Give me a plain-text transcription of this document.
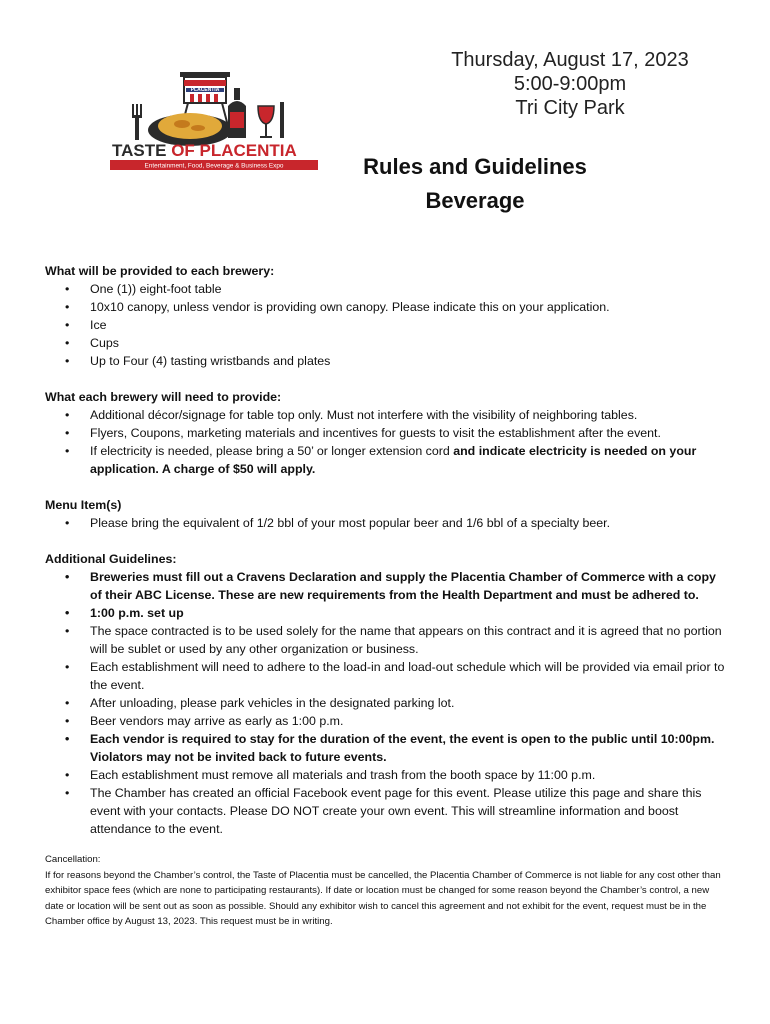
PLACENTIA
TASTE OF PLACENTIA
Entertainment, Food, Beverage & Business Expo
Thursday, August 17, 2023
5:00-9:00pm
Tri City Park
Rules and Guidelines
Beverage

What will be provided to each brewery:

• One (1)) eight-foot table
• 10x10 canopy, unless vendor is providing own canopy. Please indicate this on your application.
• Ice
• Cups
• Up to Four (4) tasting wristbands and plates

What each brewery will need to provide:

• Additional décor/signage for table top only. Must not interfere with the visibility of neighboring tables.
• Flyers, Coupons, marketing materials and incentives for guests to visit the establishment after the event.
• If electricity is needed, please bring a 50’ or longer extension cord and indicate electricity is needed on your application. A charge of $50 will apply.

Menu Item(s)

• Please bring the equivalent of 1/2 bbl of your most popular beer and 1/6 bbl of a specialty beer.

Additional Guidelines:

• Breweries must fill out a Cravens Declaration and supply the Placentia Chamber of Commerce with a copy of their ABC License. These are new requirements from the Health Department and must be adhered to.
• 1:00 p.m. set up
• The space contracted is to be used solely for the name that appears on this contract and it is agreed that no portion will be sublet or used by any other organization or business.
• Each establishment will need to adhere to the load-in and load-out schedule which will be provided via email prior to the event.
• After unloading, please park vehicles in the designated parking lot.
• Beer vendors may arrive as early as 1:00 p.m.
• Each vendor is required to stay for the duration of the event, the event is open to the public until 10:00pm. Violators may not be invited back to future events.
• Each establishment must remove all materials and trash from the booth space by 11:00 p.m.
• The Chamber has created an official Facebook event page for this event. Please utilize this page and share this event with your contacts. Please DO NOT create your own event. This will streamline information and boost attendance to the event.
Cancellation:
If for reasons beyond the Chamber’s control, the Taste of Placentia must be cancelled, the Placentia Chamber of Commerce is not liable for any cost other than exhibitor space fees (which are none to participating restaurants). If date or location must be changed for some reason beyond the Chamber’s control, a new date or location will be sent out as soon as possible. Should any exhibitor wish to cancel this agreement and not exhibit for the event, request must be in the Chamber office by August 13, 2023. This request must be in writing.
